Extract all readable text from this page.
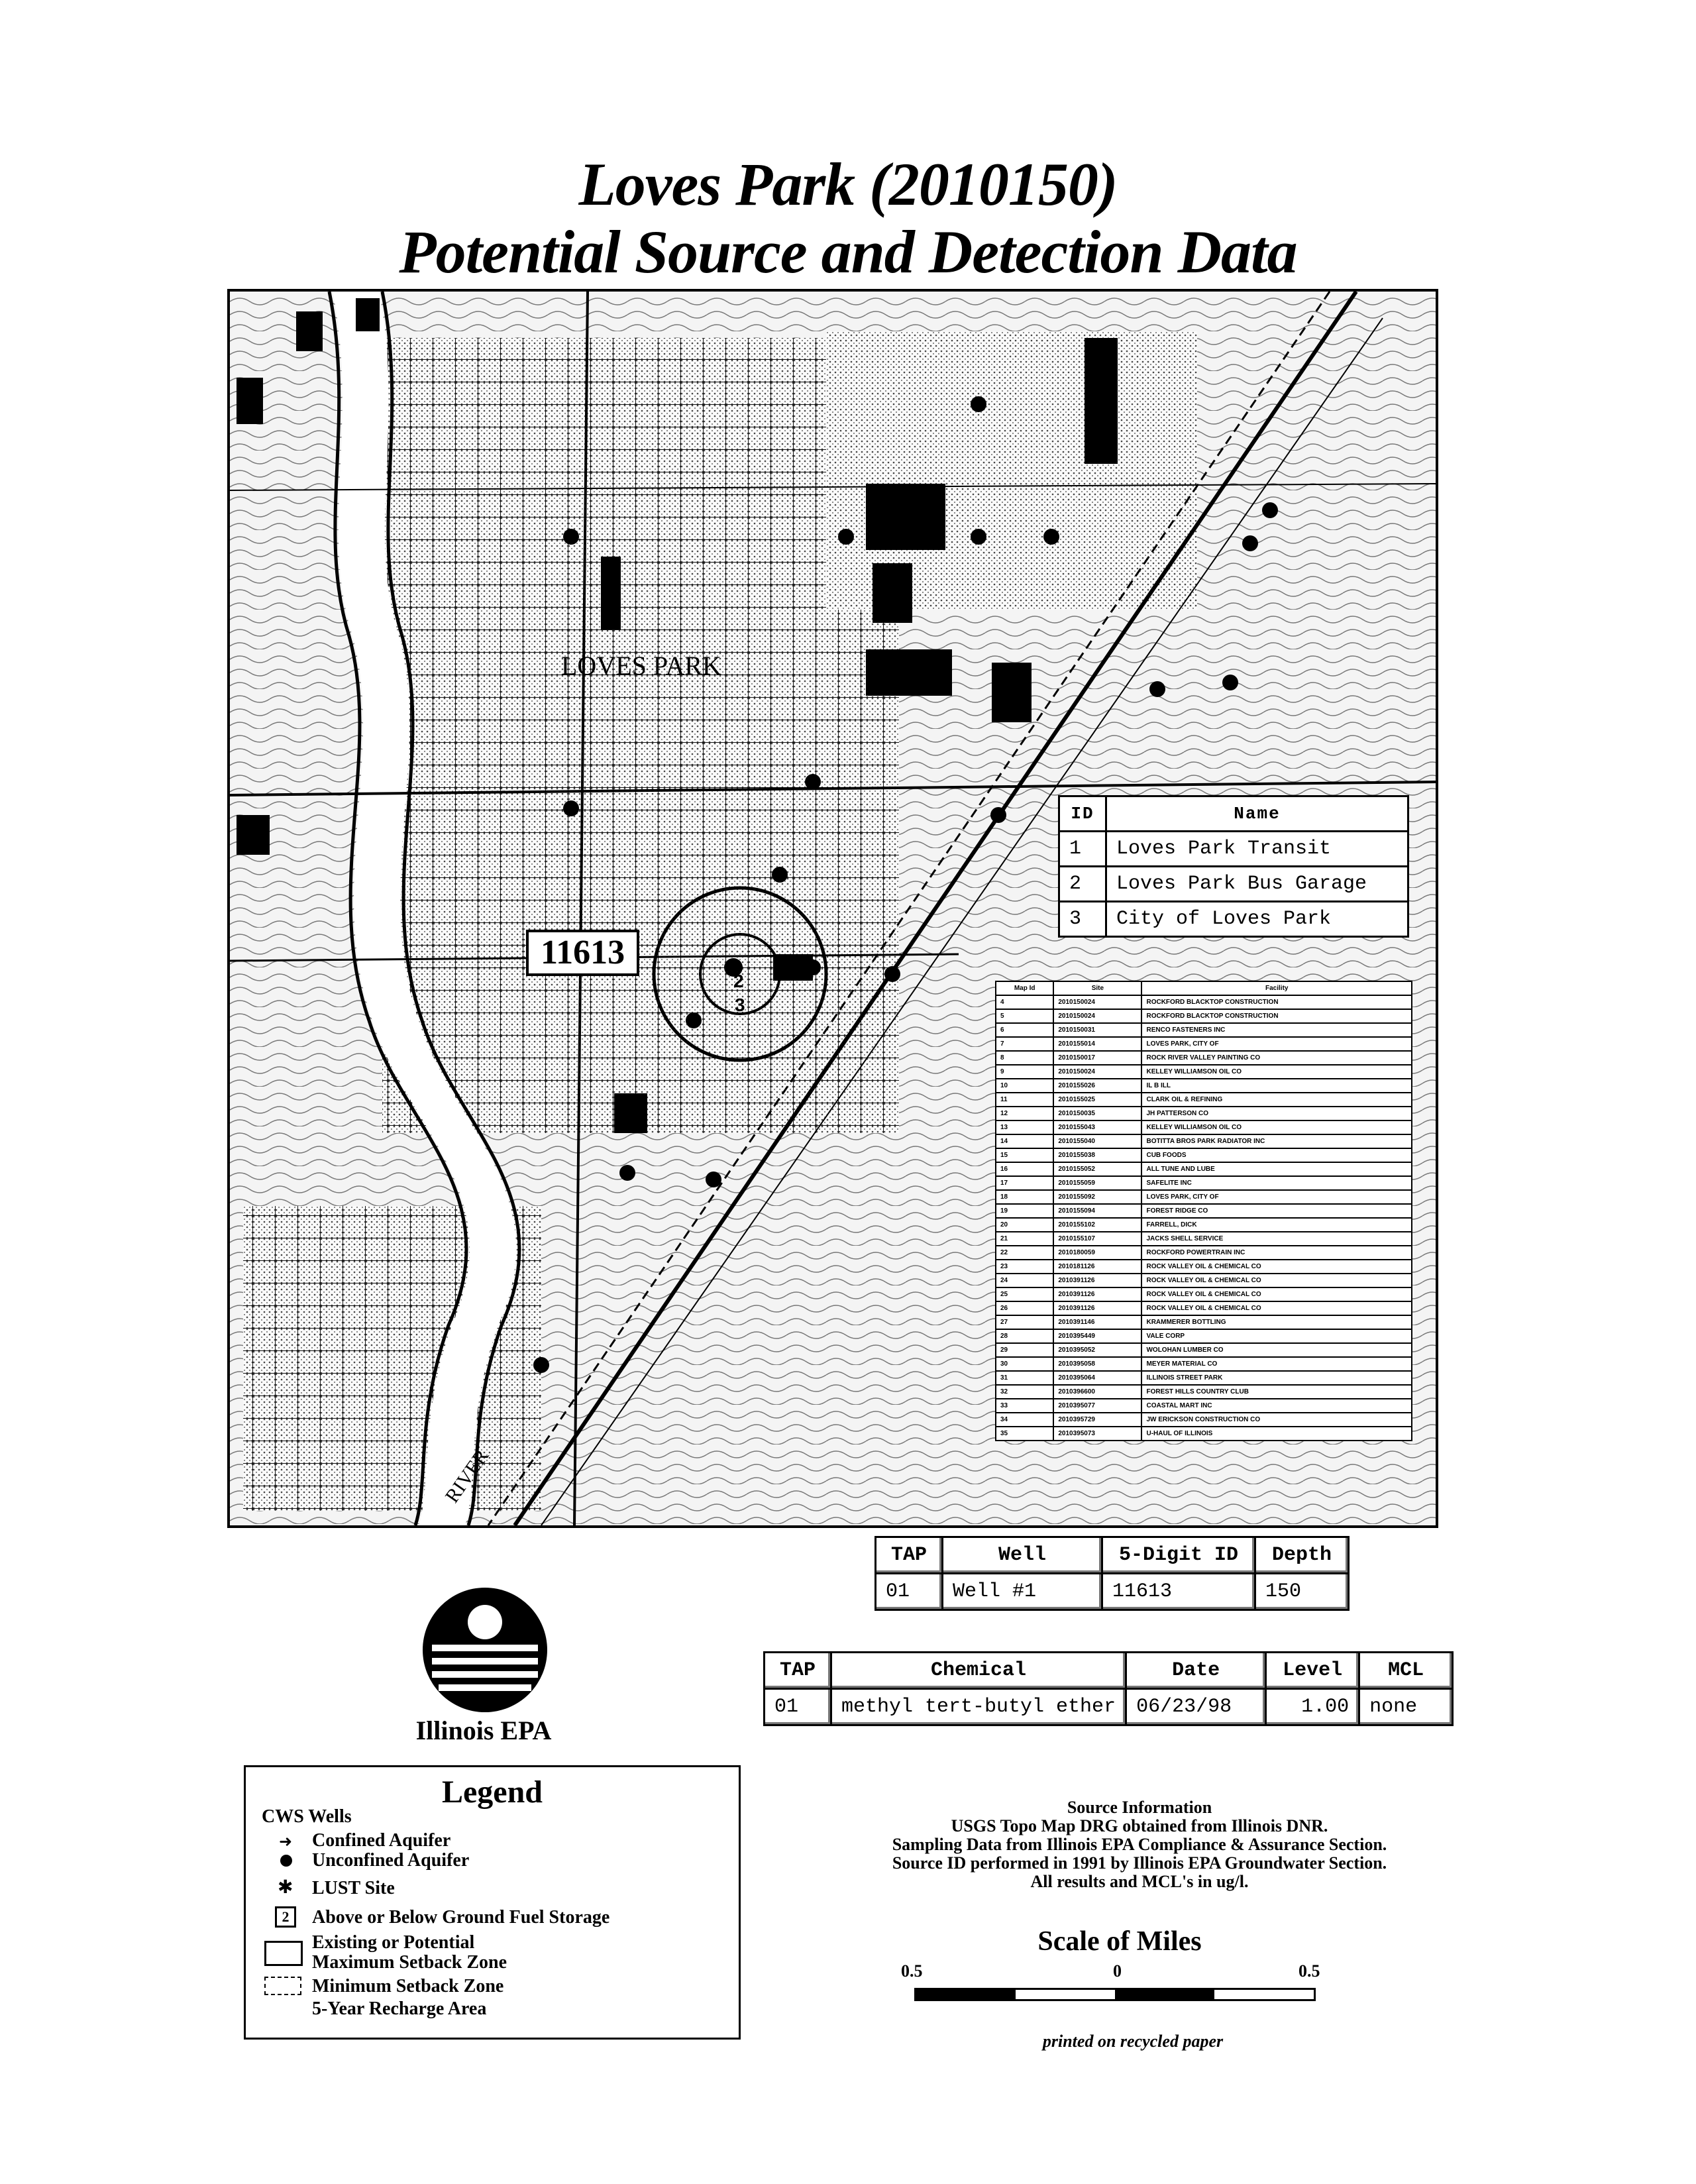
Loves Park (2010150)
Potential Source and Detection Data
LOVES PARK
2
3
RIVER
11613
ID	Name
1	Loves Park Transit
2	Loves Park Bus Garage
3	City of Loves Park
Map Id	Site	Facility
4	2010150024	ROCKFORD BLACKTOP CONSTRUCTION
5	2010150024	ROCKFORD BLACKTOP CONSTRUCTION
6	2010150031	RENCO FASTENERS INC
7	2010155014	LOVES PARK, CITY OF
8	2010150017	ROCK RIVER VALLEY PAINTING CO
9	2010150024	KELLEY WILLIAMSON OIL CO
10	2010155026	IL B ILL
11	2010155025	CLARK OIL & REFINING
12	2010150035	JH PATTERSON CO
13	2010155043	KELLEY WILLIAMSON OIL CO
14	2010155040	BOTITTA BROS PARK RADIATOR INC
15	2010155038	CUB FOODS
16	2010155052	ALL TUNE AND LUBE
17	2010155059	SAFELITE INC
18	2010155092	LOVES PARK, CITY OF
19	2010155094	FOREST RIDGE CO
20	2010155102	FARRELL, DICK
21	2010155107	JACKS SHELL SERVICE
22	2010180059	ROCKFORD POWERTRAIN INC
23	2010181126	ROCK VALLEY OIL & CHEMICAL CO
24	2010391126	ROCK VALLEY OIL & CHEMICAL CO
25	2010391126	ROCK VALLEY OIL & CHEMICAL CO
26	2010391126	ROCK VALLEY OIL & CHEMICAL CO
27	2010391146	KRAMMERER BOTTLING
28	2010395449	VALE CORP
29	2010395052	WOLOHAN LUMBER CO
30	2010395058	MEYER MATERIAL CO
31	2010395064	ILLINOIS STREET PARK
32	2010396600	FOREST HILLS COUNTRY CLUB
33	2010395077	COASTAL MART INC
34	2010395729	JW ERICKSON CONSTRUCTION CO
35	2010395073	U-HAUL OF ILLINOIS
TAP	Well	5-Digit ID	Depth
01	Well #1	11613	150
TAP	Chemical	Date	Level	MCL
01	methyl tert-butyl ether	06/23/98	1.00	none
Illinois EPA
Legend
CWS Wells
➜ Confined Aquifer
Unconfined Aquifer
✱ LUST Site
2	Above or Below Ground Fuel Storage
Existing or Potential
Maximum Setback Zone
Minimum Setback Zone
5-Year Recharge Area
Source Information
USGS Topo Map DRG obtained from Illinois DNR.
Sampling Data from Illinois EPA Compliance & Assurance Section.
Source ID performed in 1991 by Illinois EPA Groundwater Section.
All results and MCL's in ug/l.
Scale of Miles
0.5	0	0.5
printed on recycled paper
